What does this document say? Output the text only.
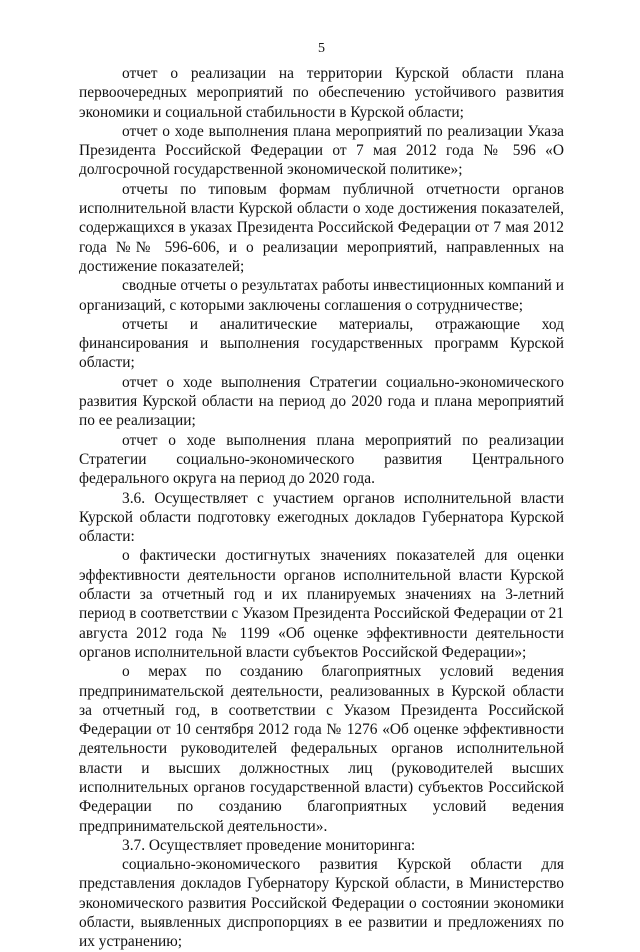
5

отчет о реализации на территории Курской области плана первоочередных мероприятий по обеспечению устойчивого развития экономики и социальной стабильности в Курской области;

отчет о ходе выполнения плана мероприятий по реализации Указа Президента Российской Федерации от 7 мая 2012 года № 596 «О долгосрочной государственной экономической политике»;

отчеты по типовым формам публичной отчетности органов исполнительной власти Курской области о ходе достижения показателей, содержащихся в указах Президента Российской Федерации от 7 мая 2012 года №№ 596-606, и о реализации мероприятий, направленных на достижение показателей;

сводные отчеты о результатах работы инвестиционных компаний и организаций, с которыми заключены соглашения о сотрудничестве;

отчеты и аналитические материалы, отражающие ход финансирования и выполнения государственных программ Курской области;

отчет о ходе выполнения Стратегии социально-экономического развития Курской области на период до 2020 года и плана мероприятий по ее реализации;

отчет о ходе выполнения плана мероприятий по реализации Стратегии социально-экономического развития Центрального федерального округа на период до 2020 года.

3.6. Осуществляет с участием органов исполнительной власти Курской области подготовку ежегодных докладов Губернатора Курской области:

о фактически достигнутых значениях показателей для оценки эффективности деятельности органов исполнительной власти Курской области за отчетный год и их планируемых значениях на 3-летний период в соответствии с Указом Президента Российской Федерации от 21 августа 2012 года № 1199 «Об оценке эффективности деятельности органов исполнительной власти субъектов Российской Федерации»;

о мерах по созданию благоприятных условий ведения предпринимательской деятельности, реализованных в Курской области за отчетный год, в соответствии с Указом Президента Российской Федерации от 10 сентября 2012 года № 1276 «Об оценке эффективности деятельности руководителей федеральных органов исполнительной власти и высших должностных лиц (руководителей высших исполнительных органов государственной власти) субъектов Российской Федерации по созданию благоприятных условий ведения предпринимательской деятельности».

3.7. Осуществляет проведение мониторинга:

социально-экономического развития Курской области для представления докладов Губернатору Курской области, в Министерство экономического развития Российской Федерации о состоянии экономики области, выявленных диспропорциях в ее развитии и предложениях по их устранению;
